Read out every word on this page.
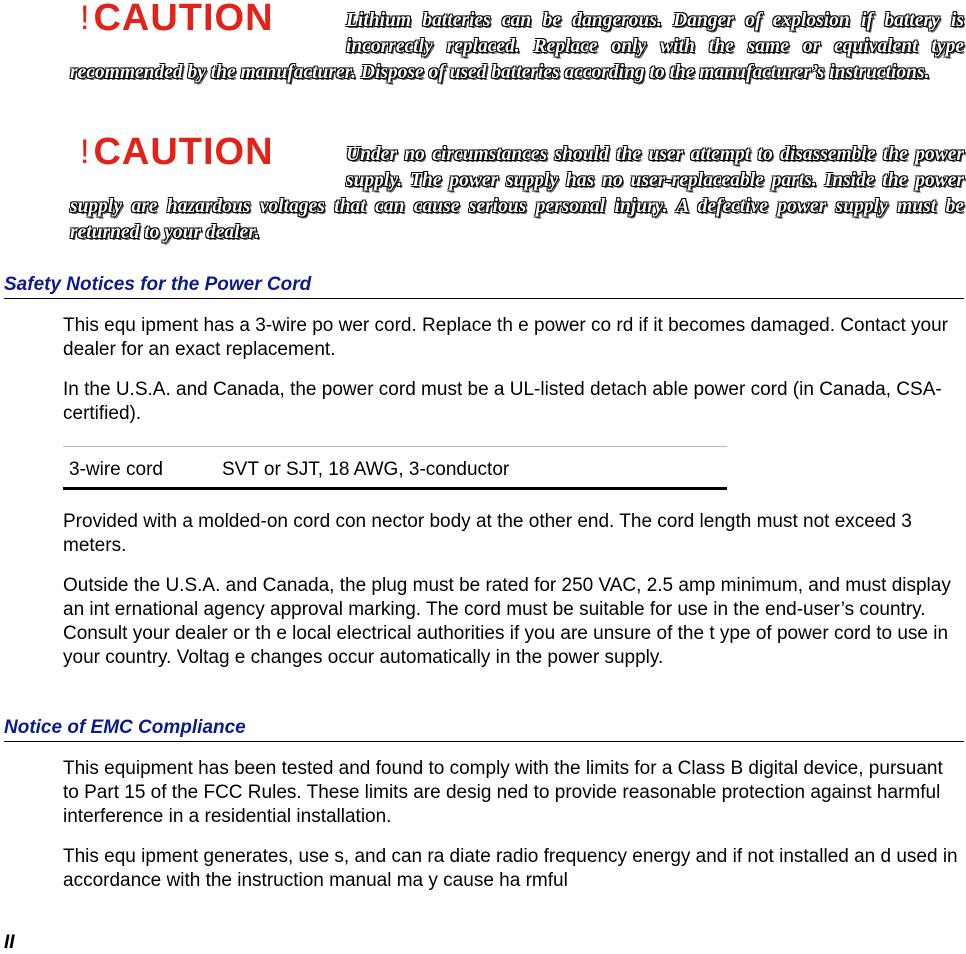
! CAUTION	Lithium batteries can be dangerous. Danger of explosion if battery is incorrectly replaced. Replace only with the same or equivalent type recommended by the manufacturer. Dispose of used batteries according to the manufacturer’s instructions.

! CAUTION	Under no circumstances should the user attempt to disassemble the power supply. The power supply has no user-replaceable parts. Inside the power supply are hazardous voltages that can cause serious personal injury. A defective power supply must be returned to your dealer.

Safety Notices for the Power Cord

This equ ipment has a 3-wire po wer cord. Replace th e power co rd if it becomes damaged. Contact your dealer for an exact replacement.

In the U.S.A. and Canada, the power cord must be a UL-listed detach able power cord (in Canada, CSA-certified).

3-wire cord	SVT or SJT, 18 AWG, 3-conductor

Provided with a molded-on cord con nector body at the other end. The cord length must not exceed 3 meters.

Outside the U.S.A. and Canada, the plug must be rated for 250 VAC, 2.5 amp minimum, and must display an int ernational agency approval marking. The cord must be suitable for use in the end-user’s country. Consult your dealer or th e local electrical authorities if you are unsure of the t ype of power cord to use in your country. Voltag e changes occur automatically in the power supply.

Notice of EMC Compliance

This equipment has been tested and found to comply with the limits for a Class B digital device, pursuant to Part 15 of the FCC Rules. These limits are desig ned to provide reasonable protection against harmful interference in a residential installation.

This equ ipment generates, use s, and can ra diate radio frequency energy and if not installed an d used in accordance with the instruction manual ma y cause ha rmful

II
